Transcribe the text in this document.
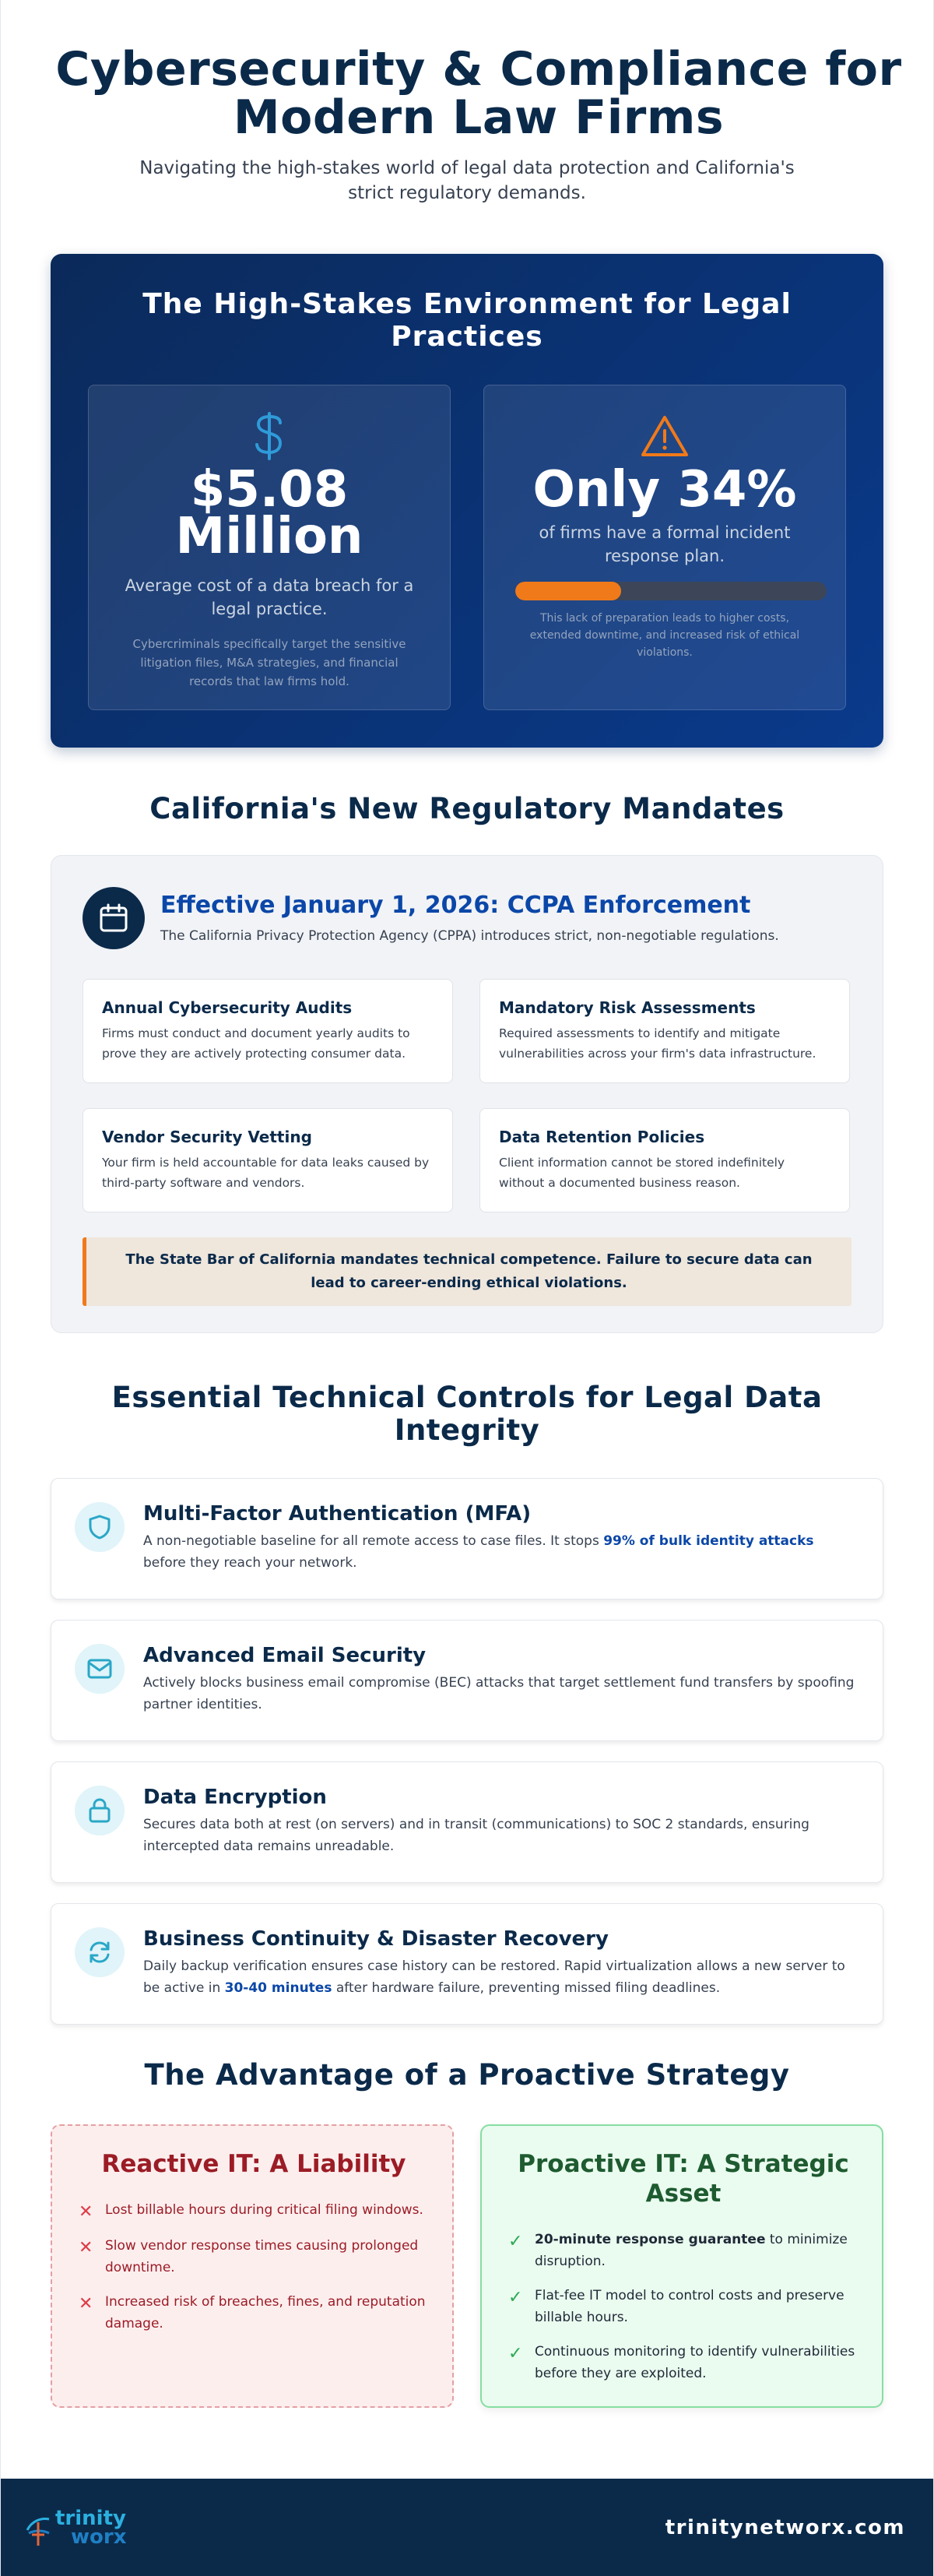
Cybersecurity & Compliance for Modern Law Firms

Navigating the high-stakes world of legal data protection and California's strict regulatory demands.

The High-Stakes Environment for Legal Practices
$5.08 Million
Average cost of a data breach for a legal practice.
Cybercriminals specifically target the sensitive litigation files, M&A strategies, and financial records that law firms hold.
Only 34%
of firms have a formal incident response plan.
This lack of preparation leads to higher costs, extended downtime, and increased risk of ethical violations.
California's New Regulatory Mandates
Effective January 1, 2026: CCPA Enforcement

The California Privacy Protection Agency (CPPA) introduces strict, non-negotiable regulations.

Annual Cybersecurity Audits

Firms must conduct and document yearly audits to prove they are actively protecting consumer data.

Mandatory Risk Assessments

Required assessments to identify and mitigate vulnerabilities across your firm's data infrastructure.

Vendor Security Vetting

Your firm is held accountable for data leaks caused by third-party software and vendors.

Data Retention Policies

Client information cannot be stored indefinitely without a documented business reason.

The State Bar of California mandates technical competence. Failure to secure data can lead to career-ending ethical violations.

Essential Technical Controls for Legal Data Integrity
Multi-Factor Authentication (MFA)

A non-negotiable baseline for all remote access to case files. It stops 99% of bulk identity attacks before they reach your network.

Advanced Email Security

Actively blocks business email compromise (BEC) attacks that target settlement fund transfers by spoofing partner identities.

Data Encryption

Secures data both at rest (on servers) and in transit (communications) to SOC 2 standards, ensuring intercepted data remains unreadable.

Business Continuity & Disaster Recovery

Daily backup verification ensures case history can be restored. Rapid virtualization allows a new server to be active in 30-40 minutes after hardware failure, preventing missed filing deadlines.

The Advantage of a Proactive Strategy
Reactive IT: A Liability
✕ Lost billable hours during critical filing windows.
✕ Slow vendor response times causing prolonged downtime.
✕ Increased risk of breaches, fines, and reputation damage.
Proactive IT: A Strategic Asset
✓ 20-minute response guarantee to minimize disruption.
✓ Flat-fee IT model to control costs and preserve billable hours.
✓ Continuous monitoring to identify vulnerabilities before they are exploited.
trinity
worx	trinitynetworx.com
